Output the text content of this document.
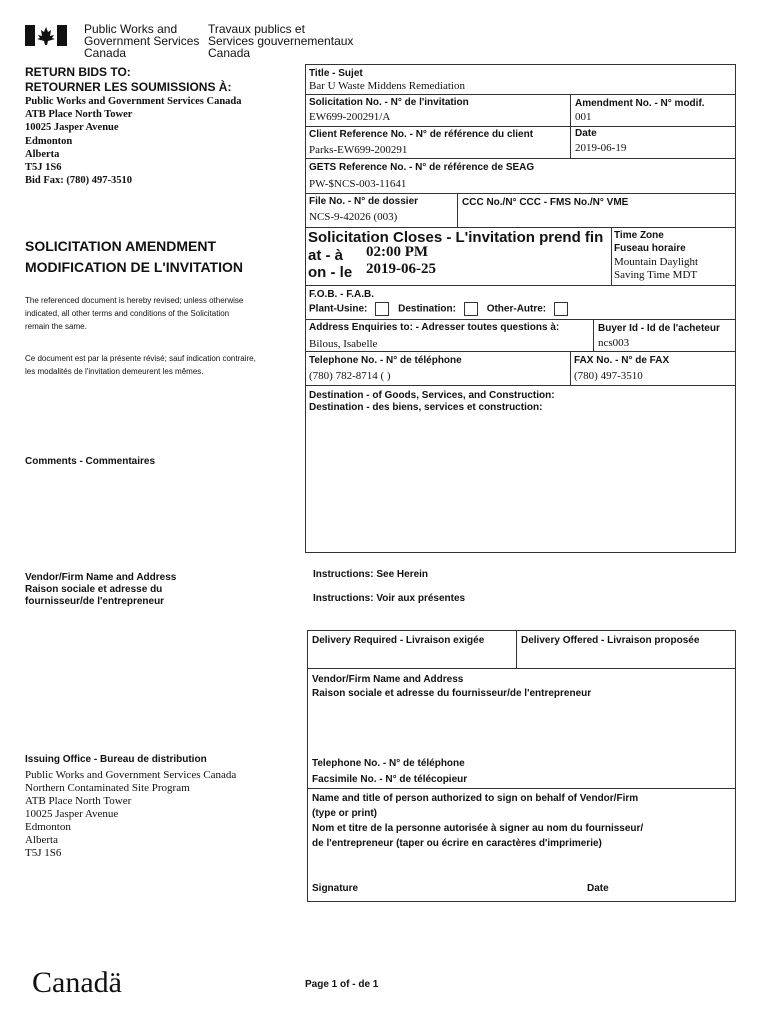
Public Works and
Government Services
Canada
Travaux publics et
Services gouvernementaux
Canada
RETURN BIDS TO:
RETOURNER LES SOUMISSIONS À:
Public Works and Government Services Canada
ATB Place North Tower
10025 Jasper Avenue
Edmonton
Alberta
T5J 1S6
Bid Fax: (780) 497-3510
SOLICITATION AMENDMENT
MODIFICATION DE L'INVITATION
The referenced document is hereby revised; unless otherwise
indicated, all other terms and conditions of the Solicitation
remain the same.
Ce document est par la présente révisé; sauf indication contraire,
les modalités de l'invitation demeurent les mêmes.
Comments - Commentaires
Vendor/Firm Name and Address
Raison sociale et adresse du
fournisseur/de l'entrepreneur
Issuing Office - Bureau de distribution
Public Works and Government Services Canada
Northern Contaminated Site Program
ATB Place North Tower
10025 Jasper Avenue
Edmonton
Alberta
T5J 1S6
Title - Sujet
Bar U Waste Middens Remediation
Solicitation No. - N° de l'invitation
EW699-200291/A
Amendment No. - N° modif.
001
Client Reference No. - N° de référence du client
Parks-EW699-200291
Date
2019-06-19
GETS Reference No. - N° de référence de SEAG
PW-$NCS-003-11641
File No. - N° de dossier
NCS-9-42026 (003)
CCC No./N° CCC - FMS No./N° VME
Solicitation Closes - L'invitation prend fin
at - à 02:00 PM
on - le 2019-06-25
Time Zone
Fuseau horaire
Mountain Daylight
Saving Time MDT
F.O.B. - F.A.B.
Plant-Usine:	Destination:	Other-Autre:
Address Enquiries to: - Adresser toutes questions à:
Bilous, Isabelle
Buyer Id - Id de l'acheteur
ncs003
Telephone No. - N° de téléphone
(780) 782-8714 ( )
FAX No. - N° de FAX
(780) 497-3510
Destination - of Goods, Services, and Construction:
Destination - des biens, services et construction:
Instructions: See Herein
Instructions: Voir aux présentes
Delivery Required - Livraison exigée	Delivery Offered - Livraison proposée
Vendor/Firm Name and Address
Raison sociale et adresse du fournisseur/de l'entrepreneur
Telephone No. - N° de téléphone
Facsimile No. - N° de télécopieur
Name and title of person authorized to sign on behalf of Vendor/Firm
(type or print)
Nom et titre de la personne autorisée à signer au nom du fournisseur/
de l'entrepreneur (taper ou écrire en caractères d'imprimerie)
Signature	Date
Canadä	Page 1 of - de 1
